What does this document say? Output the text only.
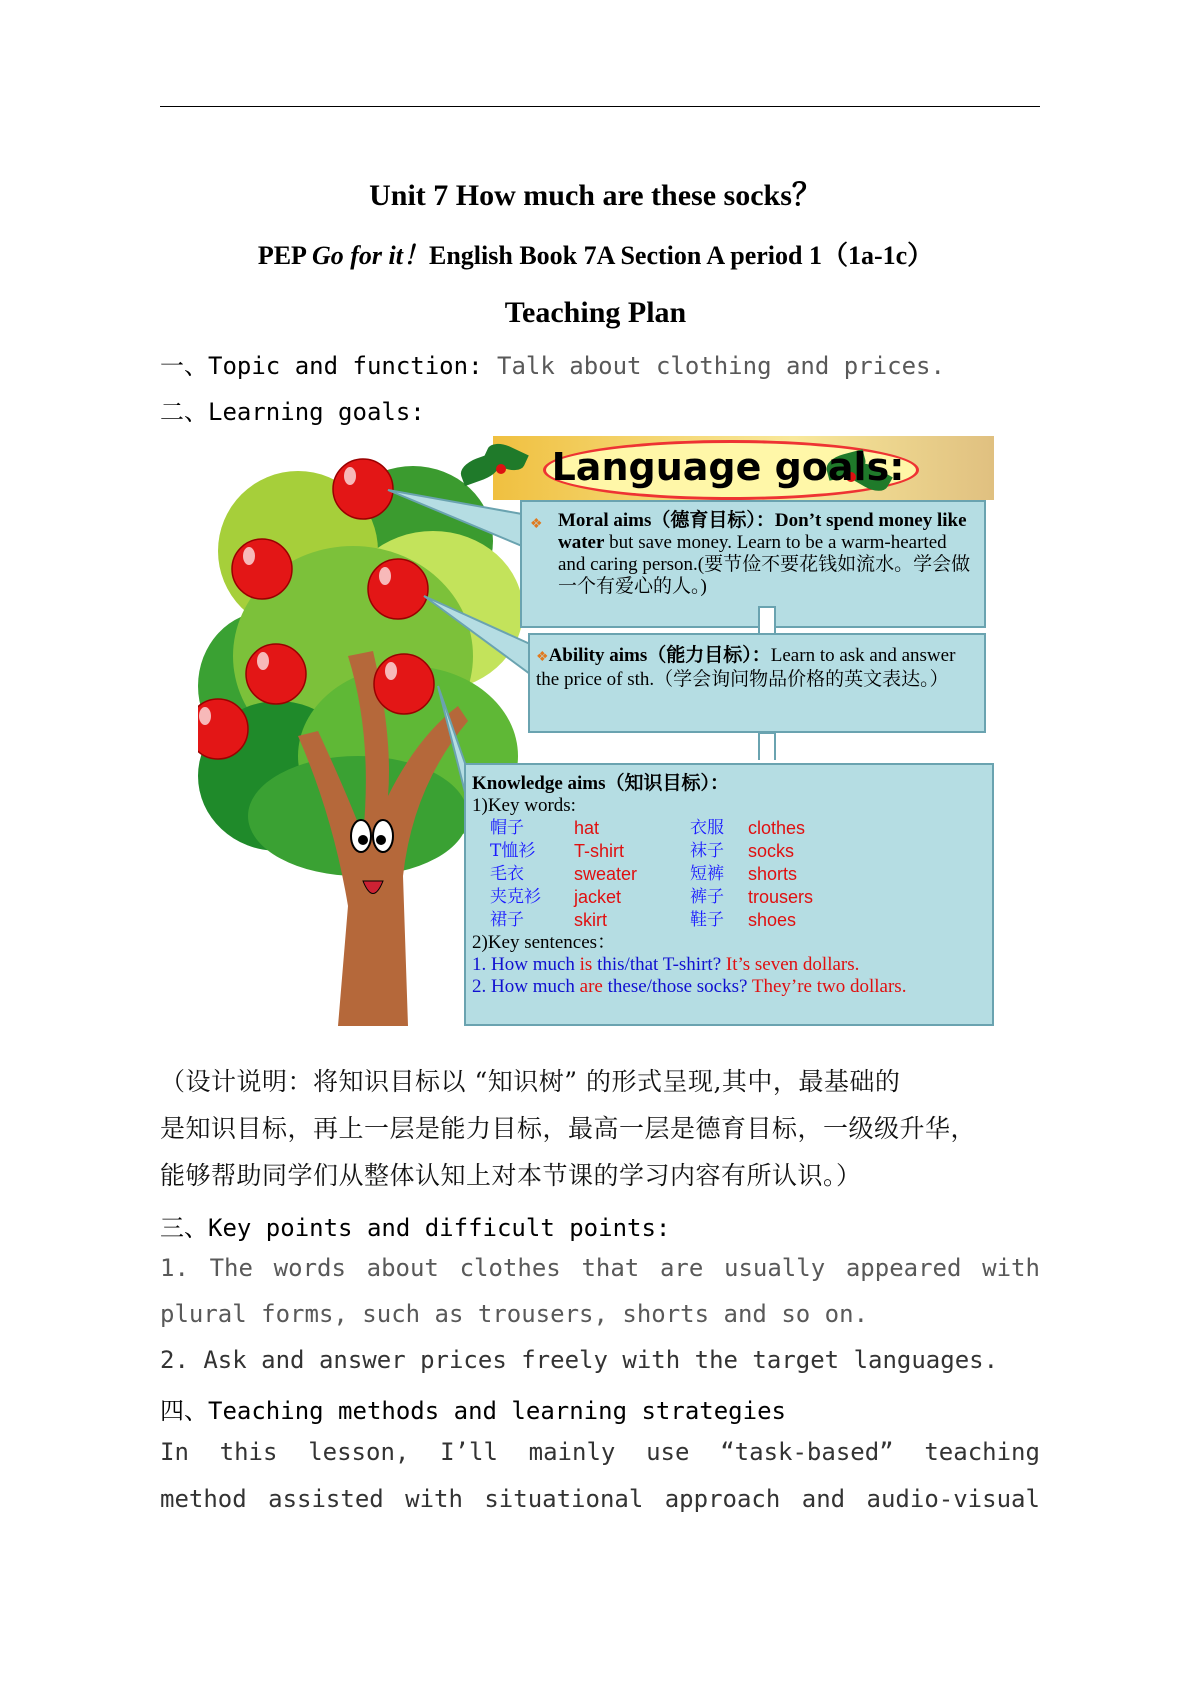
Unit 7 How much are these socks？
PEP Go for it！English Book 7A Section A period 1（1a-1c）
Teaching Plan
一、Topic and function: Talk about clothing and prices.
二、Learning goals:
Language goals:
❖ Moral aims（德育目标）：Don’t spend money like water but save money. Learn to be a warm-hearted and caring person.(要节俭不要花钱如流水。学会做一个有爱心的人。)
❖Ability aims（能力目标）：Learn to ask and answer the price of sth.（学会询问物品价格的英文表达。）
Knowledge aims（知识目标）：
1)Key words:
帽子	hat	衣服	clothes
T恤衫	T-shirt	袜子	socks
毛衣	sweater	短裤	shorts
夹克衫	jacket	裤子	trousers
裙子	skirt	鞋子	shoes
2)Key sentences：
1. How much is this/that T-shirt? It’s seven dollars.
2. How much are these/those socks? They’re two dollars.
（设计说明：将知识目标以 “知识树” 的形式呈现,其中，最基础的
是知识目标，再上一层是能力目标，最高一层是德育目标，一级级升华，
能够帮助同学们从整体认知上对本节课的学习内容有所认识。）
三、Key points and difficult points:
1. The words about clothes that are usually appeared with
plural forms, such as trousers, shorts and so on.
2. Ask and answer prices freely with the target languages.
四、Teaching methods and learning strategies
In this lesson, I’ll mainly use “task-based” teaching
method assisted with situational approach and audio-visual
